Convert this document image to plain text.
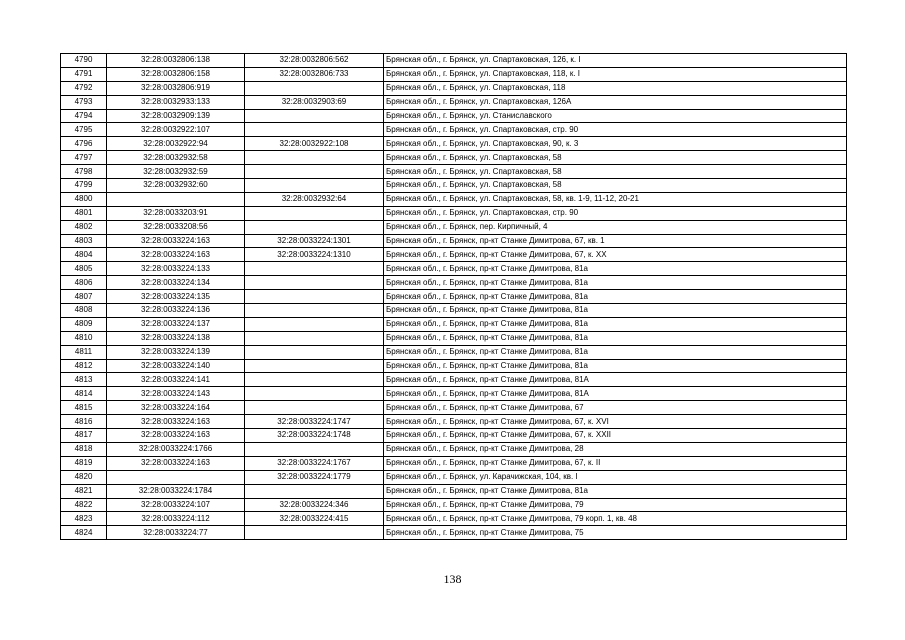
4790	32:28:0032806:138	32:28:0032806:562	Брянская обл., г. Брянск, ул. Спартаковская, 126, к. I
4791	32:28:0032806:158	32:28:0032806:733	Брянская обл., г. Брянск, ул. Спартаковская, 118, к. I
4792	32:28:0032806:919		Брянская обл., г. Брянск, ул. Спартаковская, 118
4793	32:28:0032933:133	32:28:0032903:69	Брянская обл., г. Брянск, ул. Спартаковская, 126А
4794	32:28:0032909:139		Брянская обл., г. Брянск, ул. Станиславского
4795	32:28:0032922:107		Брянская обл., г. Брянск, ул. Спартаковская, стр. 90
4796	32:28:0032922:94	32:28:0032922:108	Брянская обл., г. Брянск, ул. Спартаковская, 90, к. 3
4797	32:28:0032932:58		Брянская обл., г. Брянск, ул. Спартаковская, 58
4798	32:28:0032932:59		Брянская обл., г. Брянск, ул. Спартаковская, 58
4799	32:28:0032932:60		Брянская обл., г. Брянск, ул. Спартаковская, 58
4800		32:28:0032932:64	Брянская обл., г. Брянск, ул. Спартаковская, 58, кв. 1-9, 11-12, 20-21
4801	32:28:0033203:91		Брянская обл., г. Брянск, ул. Спартаковская, стр. 90
4802	32:28:0033208:56		Брянская обл., г. Брянск, пер. Кирпичный, 4
4803	32:28:0033224:163	32:28:0033224:1301	Брянская обл., г. Брянск, пр-кт Станке Димитрова, 67, кв. 1
4804	32:28:0033224:163	32:28:0033224:1310	Брянская обл., г. Брянск, пр-кт Станке Димитрова, 67, к. XX
4805	32:28:0033224:133		Брянская обл., г. Брянск, пр-кт Станке Димитрова, 81а
4806	32:28:0033224:134		Брянская обл., г. Брянск, пр-кт Станке Димитрова, 81а
4807	32:28:0033224:135		Брянская обл., г. Брянск, пр-кт Станке Димитрова, 81а
4808	32:28:0033224:136		Брянская обл., г. Брянск, пр-кт Станке Димитрова, 81а
4809	32:28:0033224:137		Брянская обл., г. Брянск, пр-кт Станке Димитрова, 81а
4810	32:28:0033224:138		Брянская обл., г. Брянск, пр-кт Станке Димитрова, 81а
4811	32:28:0033224:139		Брянская обл., г. Брянск, пр-кт Станке Димитрова, 81а
4812	32:28:0033224:140		Брянская обл., г. Брянск, пр-кт Станке Димитрова, 81а
4813	32:28:0033224:141		Брянская обл., г. Брянск, пр-кт Станке Димитрова, 81А
4814	32:28:0033224:143		Брянская обл., г. Брянск, пр-кт Станке Димитрова, 81А
4815	32:28:0033224:164		Брянская обл., г. Брянск, пр-кт Станке Димитрова, 67
4816	32:28:0033224:163	32:28:0033224:1747	Брянская обл., г. Брянск, пр-кт Станке Димитрова, 67, к. XVI
4817	32:28:0033224:163	32:28:0033224:1748	Брянская обл., г. Брянск, пр-кт Станке Димитрова, 67, к. XXII
4818	32:28:0033224:1766		Брянская обл., г. Брянск, пр-кт Станке Димитрова, 28
4819	32:28:0033224:163	32:28:0033224:1767	Брянская обл., г. Брянск, пр-кт Станке Димитрова, 67, к. II
4820		32:28:0033224:1779	Брянская обл., г. Брянск, ул. Карачижская, 104, кв. I
4821	32:28:0033224:1784		Брянская обл., г. Брянск, пр-кт Станке Димитрова, 81а
4822	32:28:0033224:107	32:28:0033224:346	Брянская обл., г. Брянск, пр-кт Станке Димитрова, 79
4823	32:28:0033224:112	32:28:0033224:415	Брянская обл., г. Брянск, пр-кт Станке Димитрова, 79 корп. 1, кв. 48
4824	32:28:0033224:77		Брянская обл., г. Брянск, пр-кт Станке Димитрова, 75
138
